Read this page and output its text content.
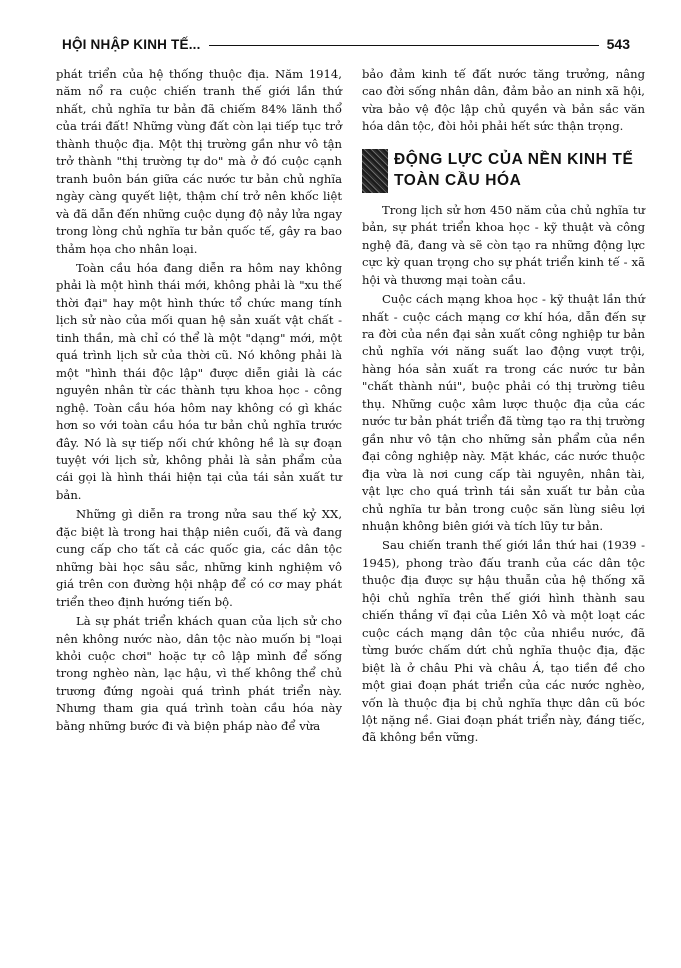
HỘI NHẬP KINH TẾ...	543

phát triển của hệ thống thuộc địa. Năm 1914, năm nổ ra cuộc chiến tranh thế giới lần thứ nhất, chủ nghĩa tư bản đã chiếm 84% lãnh thổ của trái đất! Những vùng đất còn lại tiếp tục trở thành thuộc địa. Một thị trường gần như vô tận trở thành "thị trường tự do" mà ở đó cuộc cạnh tranh buôn bán giữa các nước tư bản chủ nghĩa ngày càng quyết liệt, thậm chí trở nên khốc liệt và đã dẫn đến những cuộc dụng độ nảy lửa ngay trong lòng chủ nghĩa tư bản quốc tế, gây ra bao thảm họa cho nhân loại.

Toàn cầu hóa đang diễn ra hôm nay không phải là một hình thái mới, không phải là "xu thế thời đại" hay một hình thức tổ chức mang tính lịch sử nào của mối quan hệ sản xuất vật chất - tinh thần, mà chỉ có thể là một "dạng" mới, một quá trình lịch sử của thời cũ. Nó không phải là một "hình thái độc lập" được diễn giải là các nguyên nhân từ các thành tựu khoa học - công nghệ. Toàn cầu hóa hôm nay không có gì khác hơn so với toàn cầu hóa tư bản chủ nghĩa trước đây. Nó là sự tiếp nối chứ không hề là sự đoạn tuyệt với lịch sử, không phải là sản phẩm của cái gọi là hình thái hiện tại của tái sản xuất tư bản.

Những gì diễn ra trong nửa sau thế kỷ XX, đặc biệt là trong hai thập niên cuối, đã và đang cung cấp cho tất cả các quốc gia, các dân tộc những bài học sâu sắc, những kinh nghiệm vô giá trên con đường hội nhập để có cơ may phát triển theo định hướng tiến bộ.

Là sự phát triển khách quan của lịch sử cho nên không nước nào, dân tộc nào muốn bị "loại khỏi cuộc chơi" hoặc tự cô lập mình để sống trong nghèo nàn, lạc hậu, vì thế không thể chủ trương đứng ngoài quá trình phát triển này. Nhưng tham gia quá trình toàn cầu hóa này bằng những bước đi và biện pháp nào để vừa

bảo đảm kinh tế đất nước tăng trưởng, nâng cao đời sống nhân dân, đảm bảo an ninh xã hội, vừa bảo vệ độc lập chủ quyền và bản sắc văn hóa dân tộc, đòi hỏi phải hết sức thận trọng.

ĐỘNG LỰC CỦA NỀN KINH TẾ
TOÀN CẦU HÓA

Trong lịch sử hơn 450 năm của chủ nghĩa tư bản, sự phát triển khoa học - kỹ thuật và công nghệ đã, đang và sẽ còn tạo ra những động lực cực kỳ quan trọng cho sự phát triển kinh tế - xã hội và thương mại toàn cầu.

Cuộc cách mạng khoa học - kỹ thuật lần thứ nhất - cuộc cách mạng cơ khí hóa, dẫn đến sự ra đời của nền đại sản xuất công nghiệp tư bản chủ nghĩa với năng suất lao động vượt trội, hàng hóa sản xuất ra trong các nước tư bản "chất thành núi", buộc phải có thị trường tiêu thụ. Những cuộc xâm lược thuộc địa của các nước tư bản phát triển đã từng tạo ra thị trường gần như vô tận cho những sản phẩm của nền đại công nghiệp này. Mặt khác, các nước thuộc địa vừa là nơi cung cấp tài nguyên, nhân tài, vật lực cho quá trình tái sản xuất tư bản của chủ nghĩa tư bản trong cuộc săn lùng siêu lợi nhuận không biên giới và tích lũy tư bản.

Sau chiến tranh thế giới lần thứ hai (1939 - 1945), phong trào đấu tranh của các dân tộc thuộc địa được sự hậu thuẫn của hệ thống xã hội chủ nghĩa trên thế giới hình thành sau chiến thắng vĩ đại của Liên Xô và một loạt các cuộc cách mạng dân tộc của nhiều nước, đã từng bước chấm dứt chủ nghĩa thuộc địa, đặc biệt là ở châu Phi và châu Á, tạo tiền đề cho một giai đoạn phát triển của các nước nghèo, vốn là thuộc địa bị chủ nghĩa thực dân cũ bóc lột nặng nề. Giai đoạn phát triển này, đáng tiếc, đã không bền vững.
